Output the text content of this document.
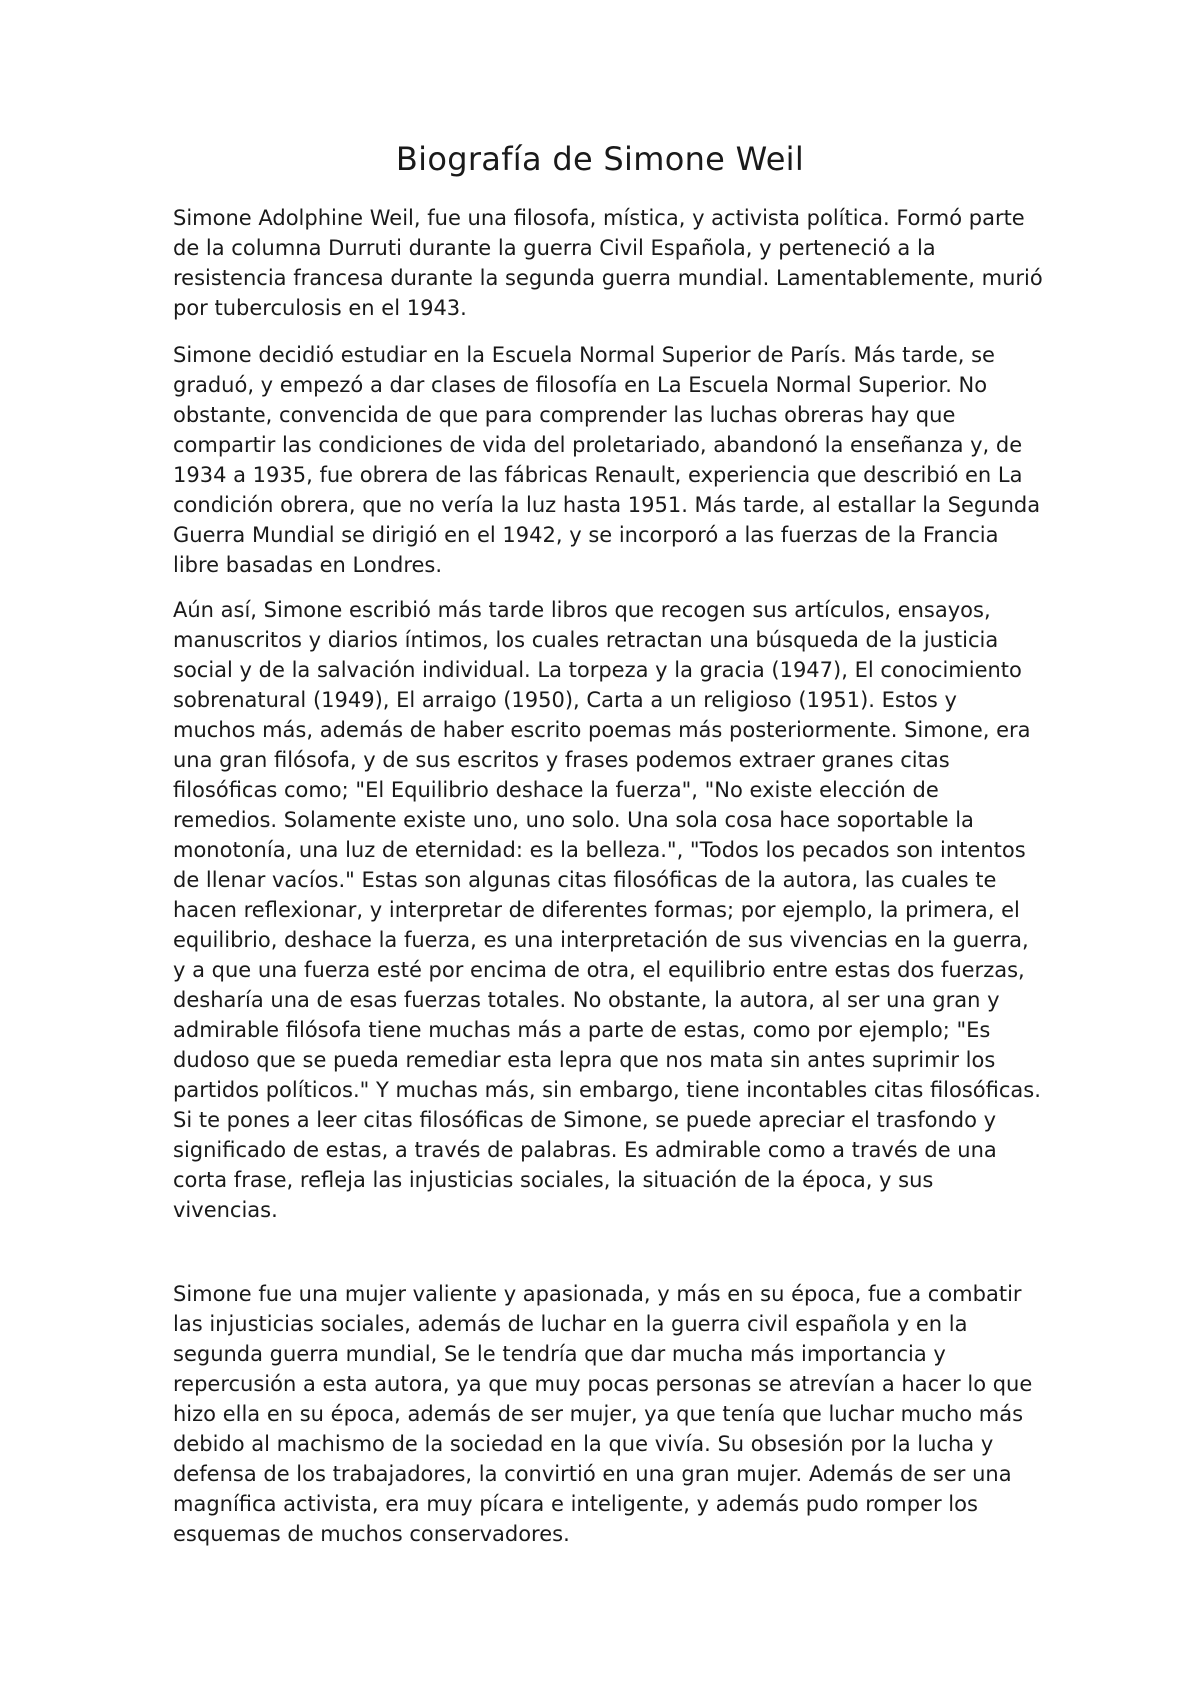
Biografía de Simone Weil

Simone Adolphine Weil, fue una filosofa, mística, y activista política. Formó parte de la columna Durruti durante la guerra Civil Española, y perteneció a la resistencia francesa durante la segunda guerra mundial. Lamentablemente, murió por tuberculosis en el 1943.

Simone decidió estudiar en la Escuela Normal Superior de París. Más tarde, se graduó, y empezó a dar clases de filosofía en La Escuela Normal Superior. No obstante, convencida de que para comprender las luchas obreras hay que compartir las condiciones de vida del proletariado, abandonó la enseñanza y, de 1934 a 1935, fue obrera de las fábricas Renault, experiencia que describió en La condición obrera, que no vería la luz hasta 1951. Más tarde, al estallar la Segunda Guerra Mundial se dirigió en el 1942, y se incorporó a las fuerzas de la Francia libre basadas en Londres.

Aún así, Simone escribió más tarde libros que recogen sus artículos, ensayos, manuscritos y diarios íntimos, los cuales retractan una búsqueda de la justicia social y de la salvación individual. La torpeza y la gracia (1947), El conocimiento sobrenatural (1949), El arraigo (1950), Carta a un religioso (1951). Estos y muchos más, además de haber escrito poemas más posteriormente. Simone, era una gran filósofa, y de sus escritos y frases podemos extraer granes citas filosóficas como; "El Equilibrio deshace la fuerza", "No existe elección de remedios. Solamente existe uno, uno solo. Una sola cosa hace soportable la monotonía, una luz de eternidad: es la belleza.", "Todos los pecados son intentos de llenar vacíos." Estas son algunas citas filosóficas de la autora, las cuales te hacen reflexionar, y interpretar de diferentes formas; por ejemplo, la primera, el equilibrio, deshace la fuerza, es una interpretación de sus vivencias en la guerra, y a que una fuerza esté por encima de otra, el equilibrio entre estas dos fuerzas, desharía una de esas fuerzas totales. No obstante, la autora, al ser una gran y admirable filósofa tiene muchas más a parte de estas, como por ejemplo; "Es dudoso que se pueda remediar esta lepra que nos mata sin antes suprimir los partidos políticos." Y muchas más, sin embargo, tiene incontables citas filosóficas. Si te pones a leer citas filosóficas de Simone, se puede apreciar el trasfondo y significado de estas, a través de palabras. Es admirable como a través de una corta frase, refleja las injusticias sociales, la situación de la época, y sus vivencias.

Simone fue una mujer valiente y apasionada, y más en su época, fue a combatir las injusticias sociales, además de luchar en la guerra civil española y en la segunda guerra mundial, Se le tendría que dar mucha más importancia y repercusión a esta autora, ya que muy pocas personas se atrevían a hacer lo que hizo ella en su época, además de ser mujer, ya que tenía que luchar mucho más debido al machismo de la sociedad en la que vivía. Su obsesión por la lucha y defensa de los trabajadores, la convirtió en una gran mujer. Además de ser una magnífica activista, era muy pícara e inteligente, y además pudo romper los esquemas de muchos conservadores.
